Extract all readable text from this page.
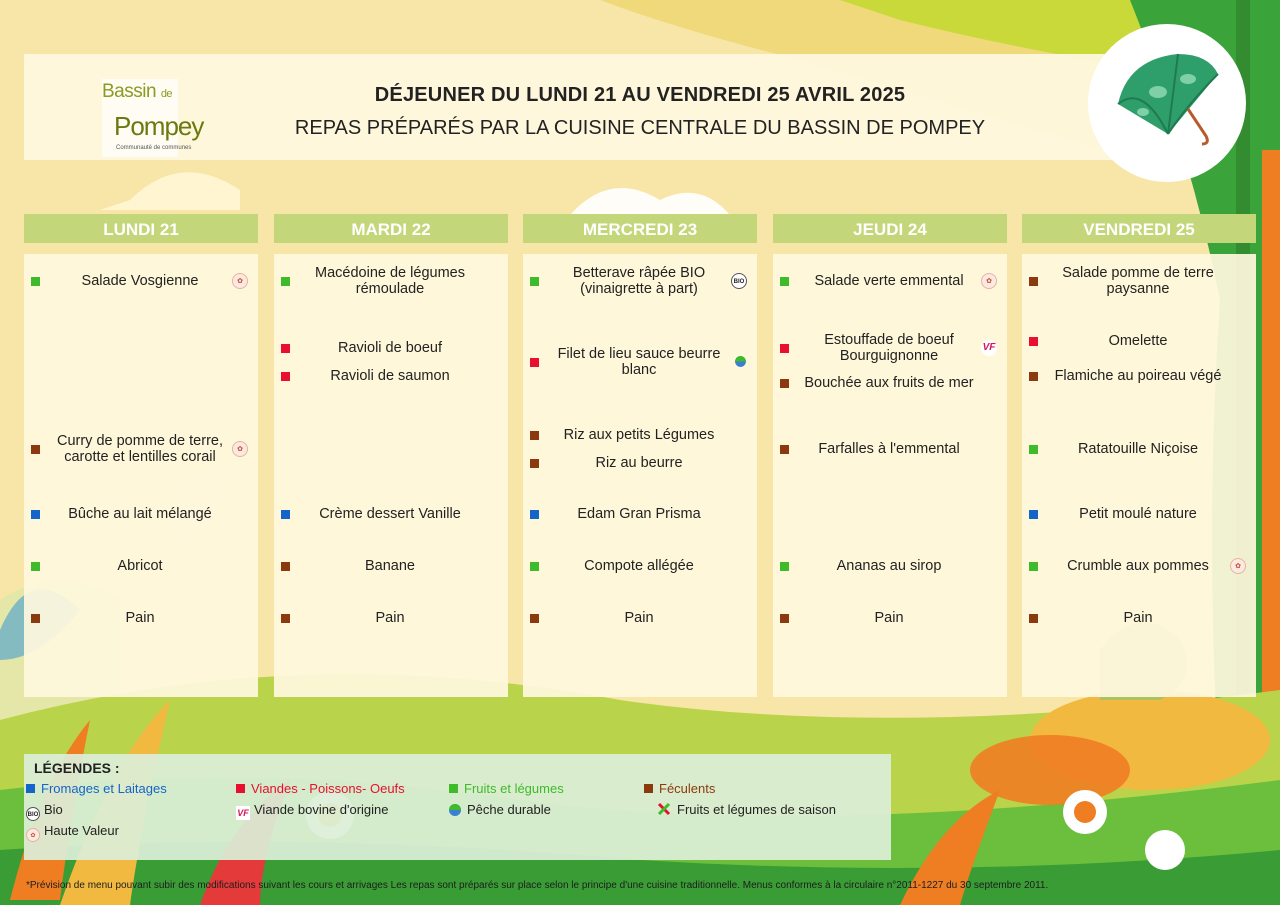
Bassin de
Pompey
Communauté de communes
DÉJEUNER DU LUNDI 21 AU VENDREDI 25 AVRIL 2025
REPAS PRÉPARÉS PAR LA CUISINE CENTRALE DU BASSIN DE POMPEY
LUNDI 21
Salade Vosgienne	✿
Curry de pomme de terre, carotte et lentilles corail	✿
Bûche au lait mélangé
Abricot
Pain
MARDI 22
Macédoine de légumes rémoulade
Ravioli de boeuf
Ravioli de saumon
Crème dessert Vanille
Banane
Pain
MERCREDI 23
Betterave râpée BIO (vinaigrette à part)	BIO
Filet de lieu sauce beurre blanc
Riz aux petits Légumes
Riz au beurre
Edam Gran Prisma
Compote allégée
Pain
JEUDI 24
Salade verte emmental	✿
Estouffade de boeuf Bourguignonne
VF
Bouchée aux fruits de mer
Farfalles à l'emmental
Ananas au sirop
Pain
VENDREDI 25
Salade pomme de terre paysanne
Omelette
Flamiche au poireau végé
Ratatouille Niçoise
Petit moulé nature
Crumble aux pommes	✿
Pain
LÉGENDES :
Fromages et Laitages	Viandes - Poissons- Oeufs	Fruits et légumes	Féculents
BIO Bio	VF Viande bovine d'origine	Pêche durable	Fruits et légumes de saison
✿ Haute Valeur
*Prévision de menu pouvant subir des modifications suivant les cours et arrivages Les repas sont préparés sur place selon le principe d'une cuisine traditionnelle. Menus conformes à la circulaire n°2011-1227 du 30 septembre 2011.
